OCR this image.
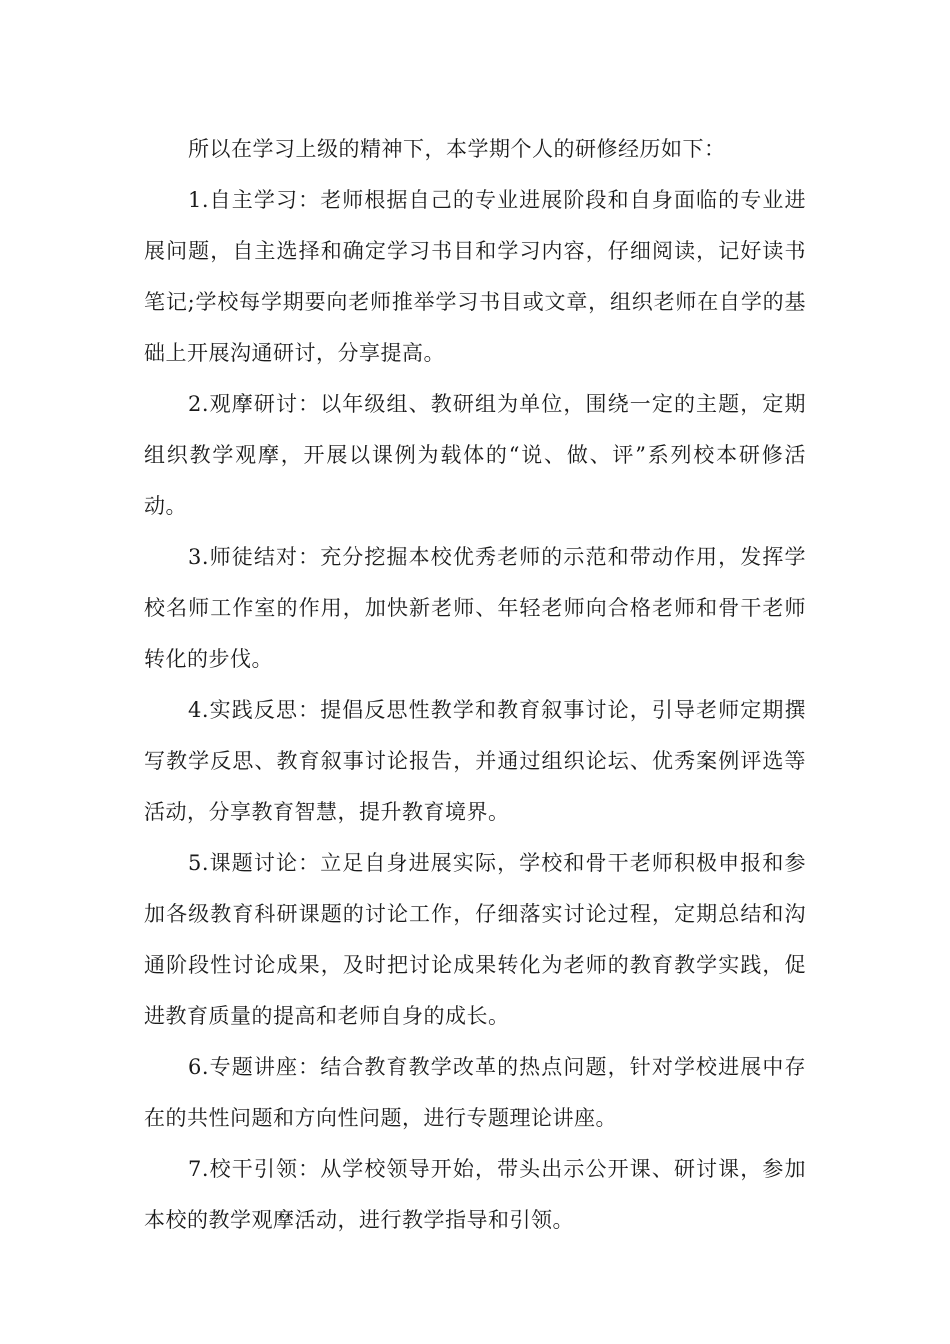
所以在学习上级的精神下，本学期个人的研修经历如下：

1.自主学习：老师根据自己的专业进展阶段和自身面临的专业进展问题，自主选择和确定学习书目和学习内容，仔细阅读，记好读书笔记;学校每学期要向老师推举学习书目或文章，组织老师在自学的基础上开展沟通研讨，分享提高。

2.观摩研讨：以年级组、教研组为单位，围绕一定的主题，定期组织教学观摩，开展以课例为载体的“说、做、评”系列校本研修活动。

3.师徒结对：充分挖掘本校优秀老师的示范和带动作用，发挥学校名师工作室的作用，加快新老师、年轻老师向合格老师和骨干老师转化的步伐。

4.实践反思：提倡反思性教学和教育叙事讨论，引导老师定期撰写教学反思、教育叙事讨论报告，并通过组织论坛、优秀案例评选等活动，分享教育智慧，提升教育境界。

5.课题讨论：立足自身进展实际，学校和骨干老师积极申报和参加各级教育科研课题的讨论工作，仔细落实讨论过程，定期总结和沟通阶段性讨论成果，及时把讨论成果转化为老师的教育教学实践，促进教育质量的提高和老师自身的成长。

6.专题讲座：结合教育教学改革的热点问题，针对学校进展中存在的共性问题和方向性问题，进行专题理论讲座。

7.校干引领：从学校领导开始，带头出示公开课、研讨课，参加本校的教学观摩活动，进行教学指导和引领。
